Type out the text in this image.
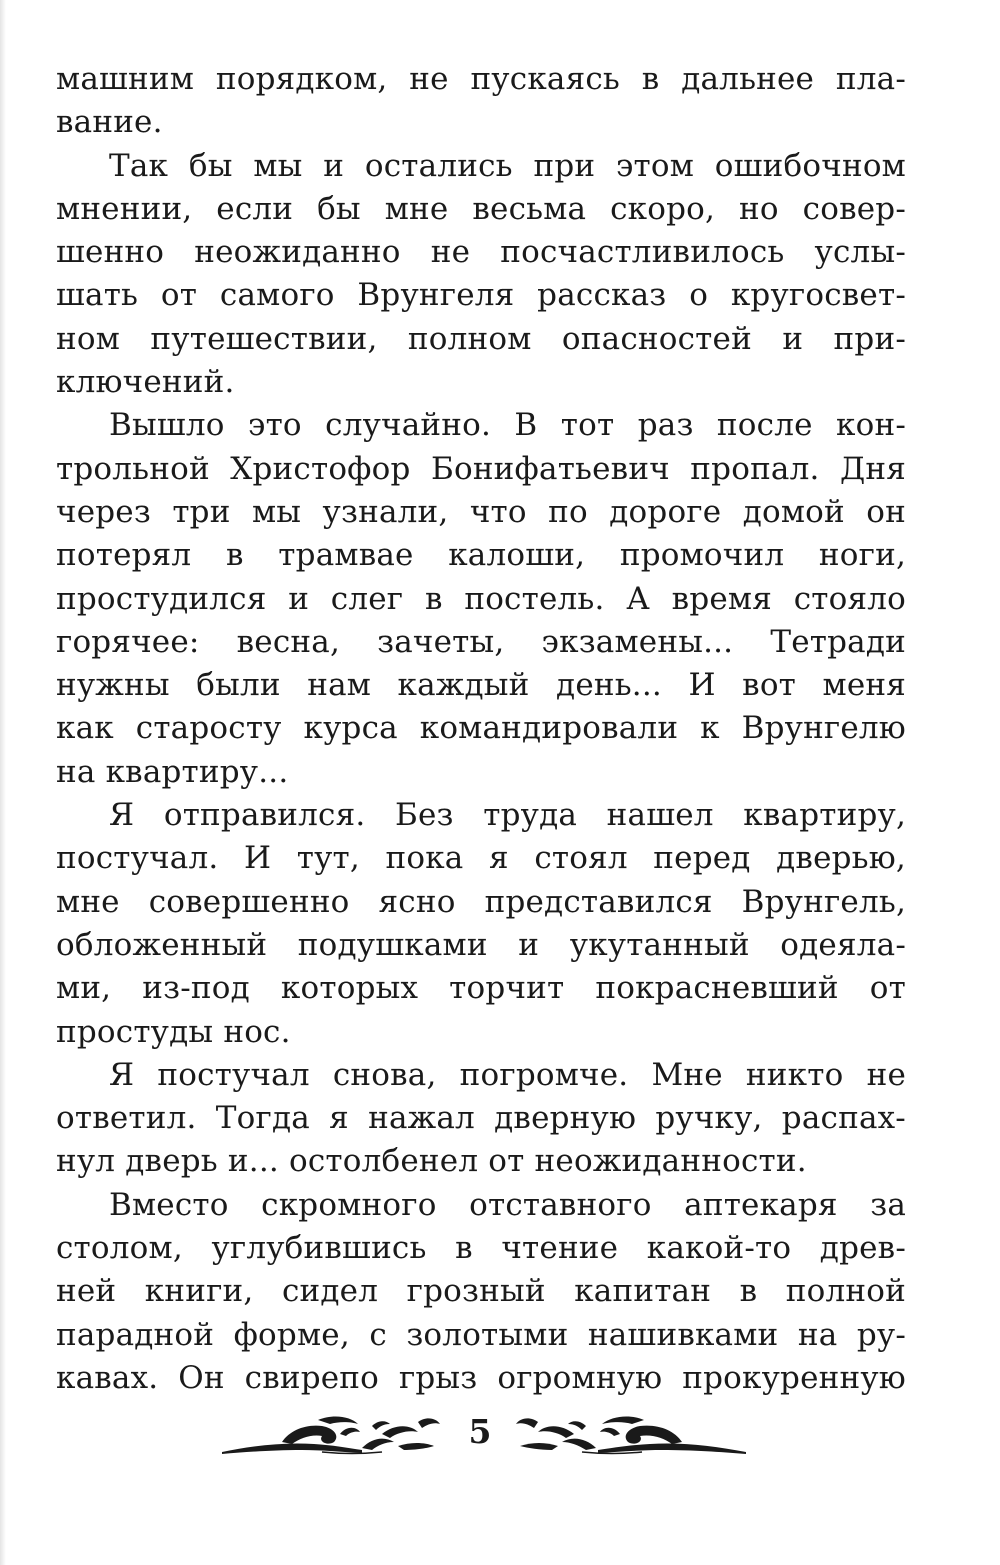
машним порядком, не пускаясь в дальнее пла-
вание.
Так бы мы и остались при этом ошибочном
мнении, если бы мне весьма скоро, но совер-
шенно неожиданно не посчастливилось услы-
шать от самого Врунгеля рассказ о кругосвет-
ном путешествии, полном опасностей и при-
ключений.
Вышло это случайно. В тот раз после кон-
трольной Христофор Бонифатьевич пропал. Дня
через три мы узнали, что по дороге домой он
потерял в трамвае калоши, промочил ноги,
простудился и слег в постель. А время стояло
горячее: весна, зачеты, экзамены... Тетради
нужны были нам каждый день... И вот меня
как старосту курса командировали к Врунгелю
на квартиру...
Я отправился. Без труда нашел квартиру,
постучал. И тут, пока я стоял перед дверью,
мне совершенно ясно представился Врунгель,
обложенный подушками и укутанный одеяла-
ми, из-под которых торчит покрасневший от
простуды нос.
Я постучал снова, погромче. Мне никто не
ответил. Тогда я нажал дверную ручку, распах-
нул дверь и... остолбенел от неожиданности.
Вместо скромного отставного аптекаря за
столом, углубившись в чтение какой-то древ-
ней книги, сидел грозный капитан в полной
парадной форме, с золотыми нашивками на ру-
кавах. Он свирепо грыз огромную прокуренную
5
